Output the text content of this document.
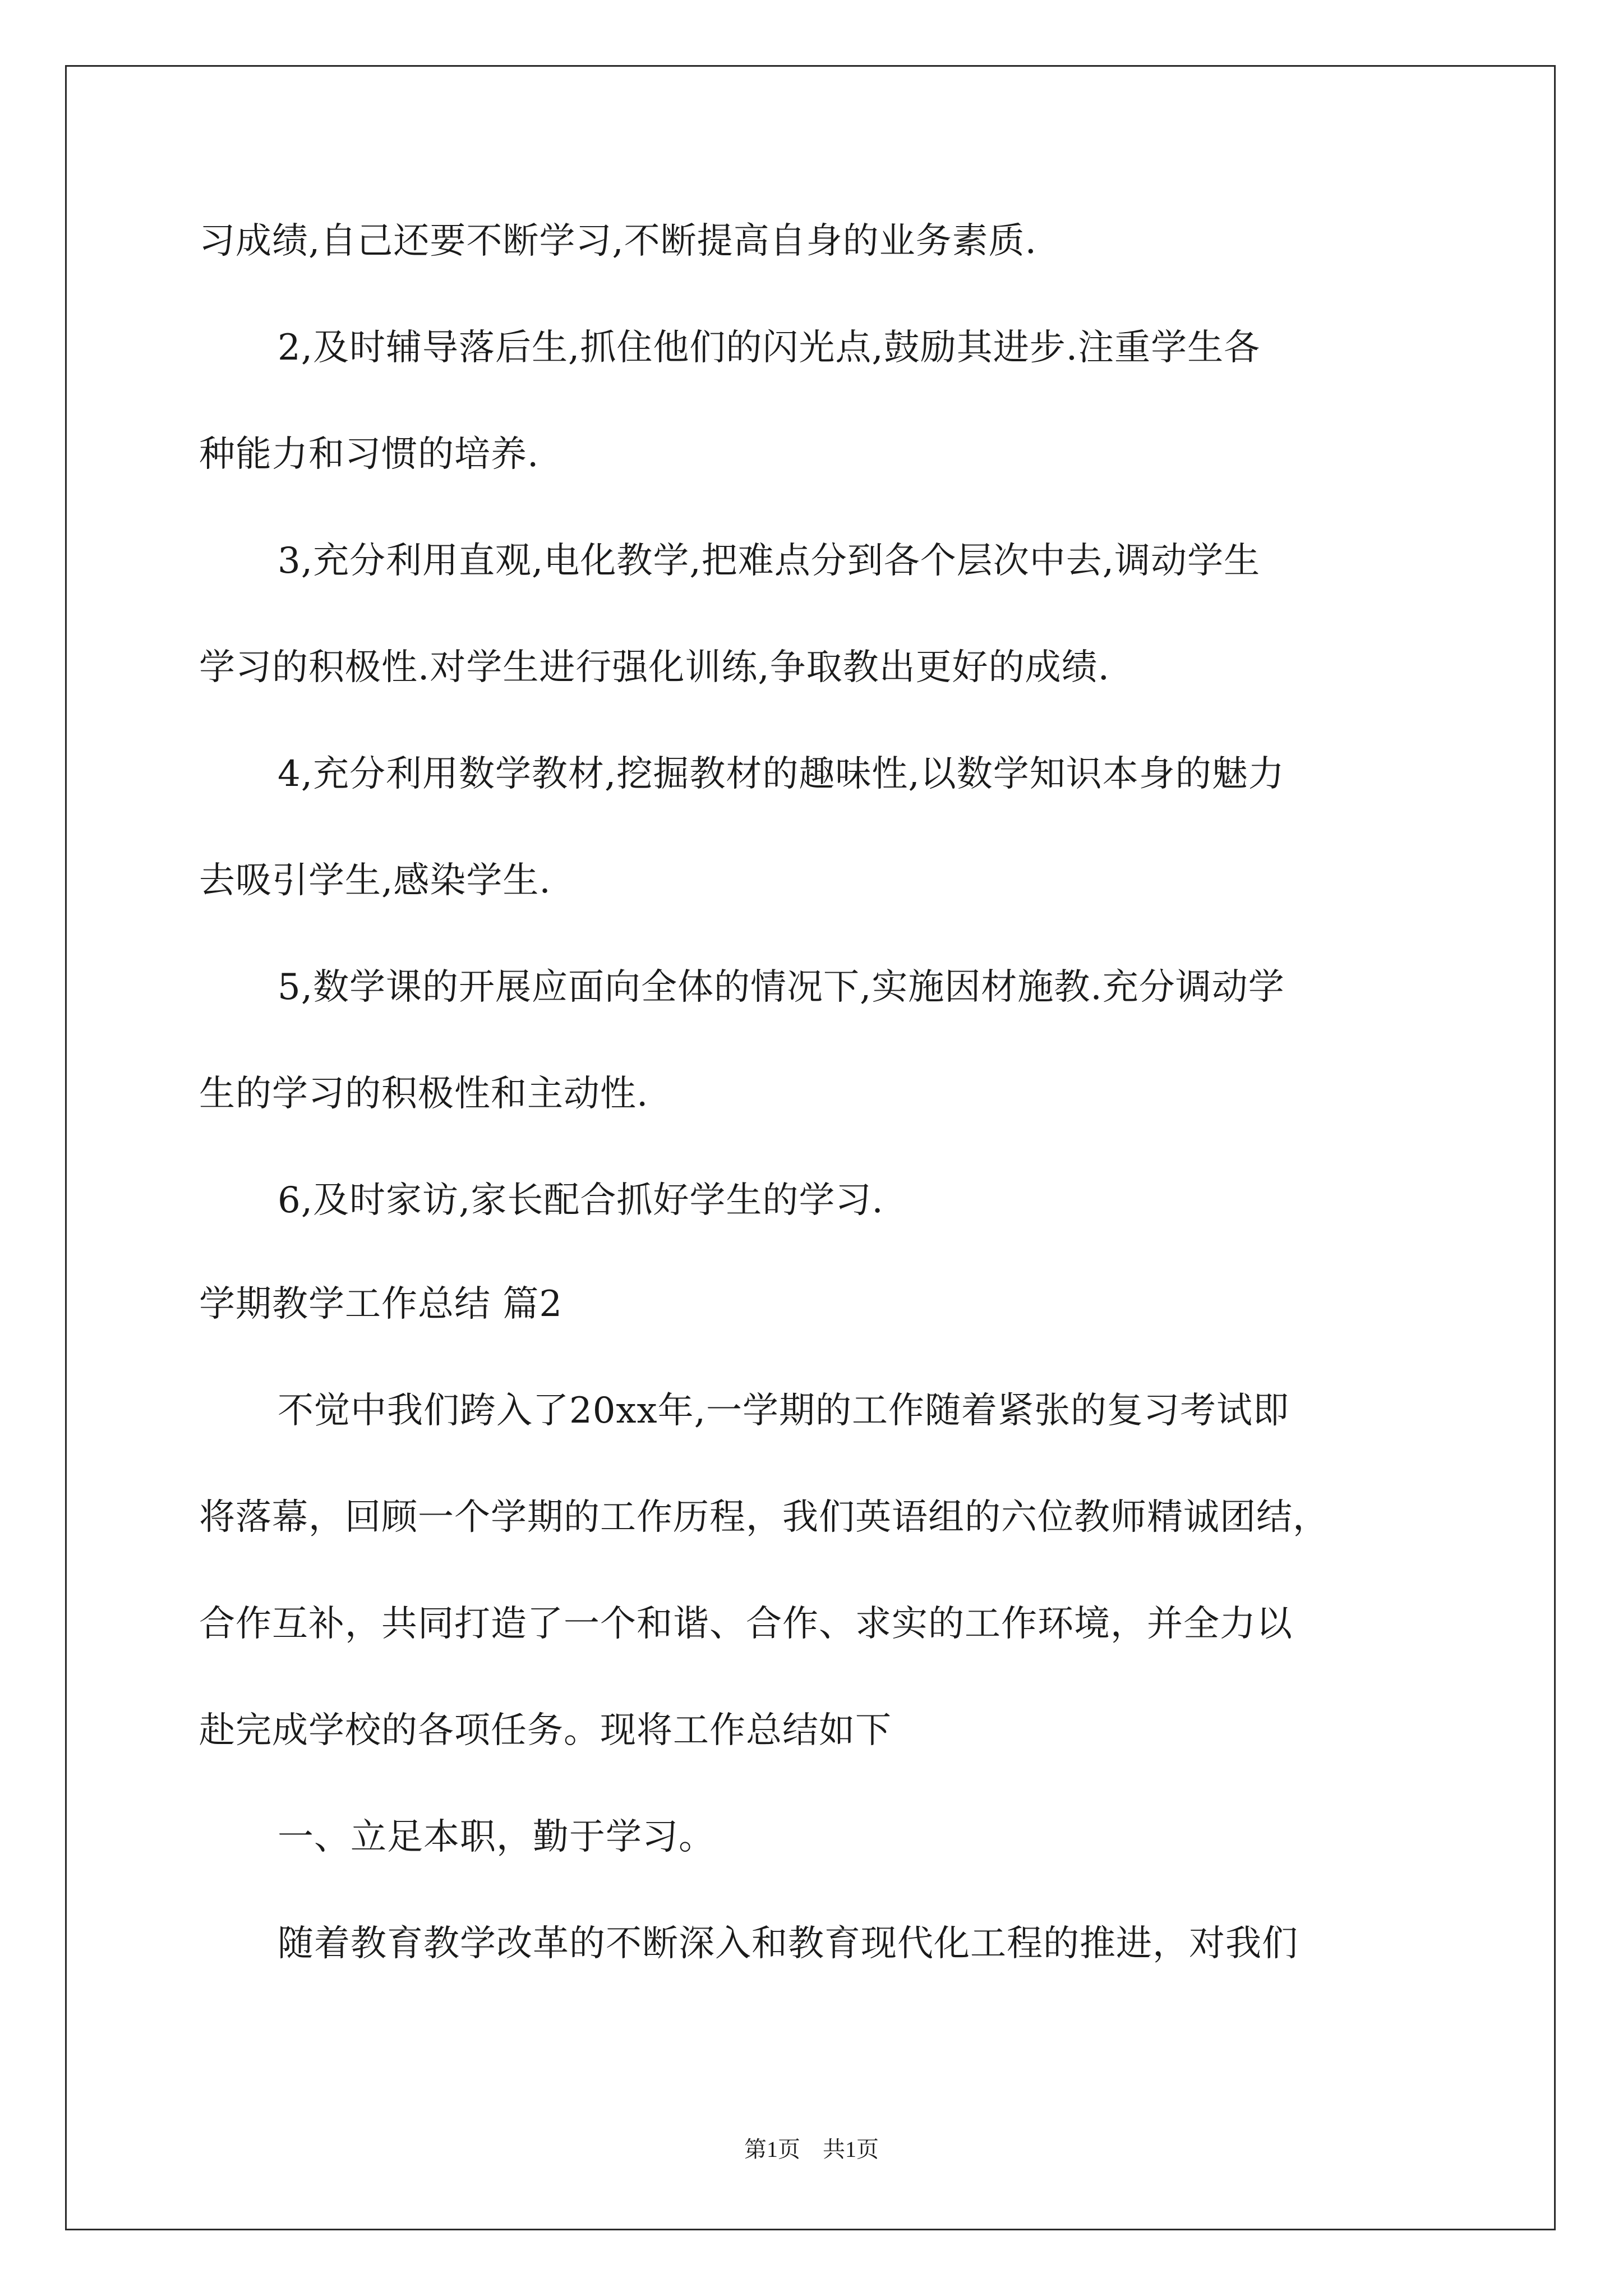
习成绩,自己还要不断学习,不断提高自身的业务素质.
2,及时辅导落后生,抓住他们的闪光点,鼓励其进步.注重学生各
种能力和习惯的培养.
3,充分利用直观,电化教学,把难点分到各个层次中去,调动学生
学习的积极性.对学生进行强化训练,争取教出更好的成绩.
4,充分利用数学教材,挖掘教材的趣味性,以数学知识本身的魅力
去吸引学生,感染学生.
5,数学课的开展应面向全体的情况下,实施因材施教.充分调动学
生的学习的积极性和主动性.
6,及时家访,家长配合抓好学生的学习.
学期教学工作总结 篇2
不觉中我们跨入了20xx年,一学期的工作随着紧张的复习考试即
将落幕，回顾一个学期的工作历程，我们英语组的六位教师精诚团结，
合作互补，共同打造了一个和谐、合作、求实的工作环境，并全力以
赴完成学校的各项任务。现将工作总结如下
一、立足本职，勤于学习。
随着教育教学改革的不断深入和教育现代化工程的推进，对我们
第1页　共1页
